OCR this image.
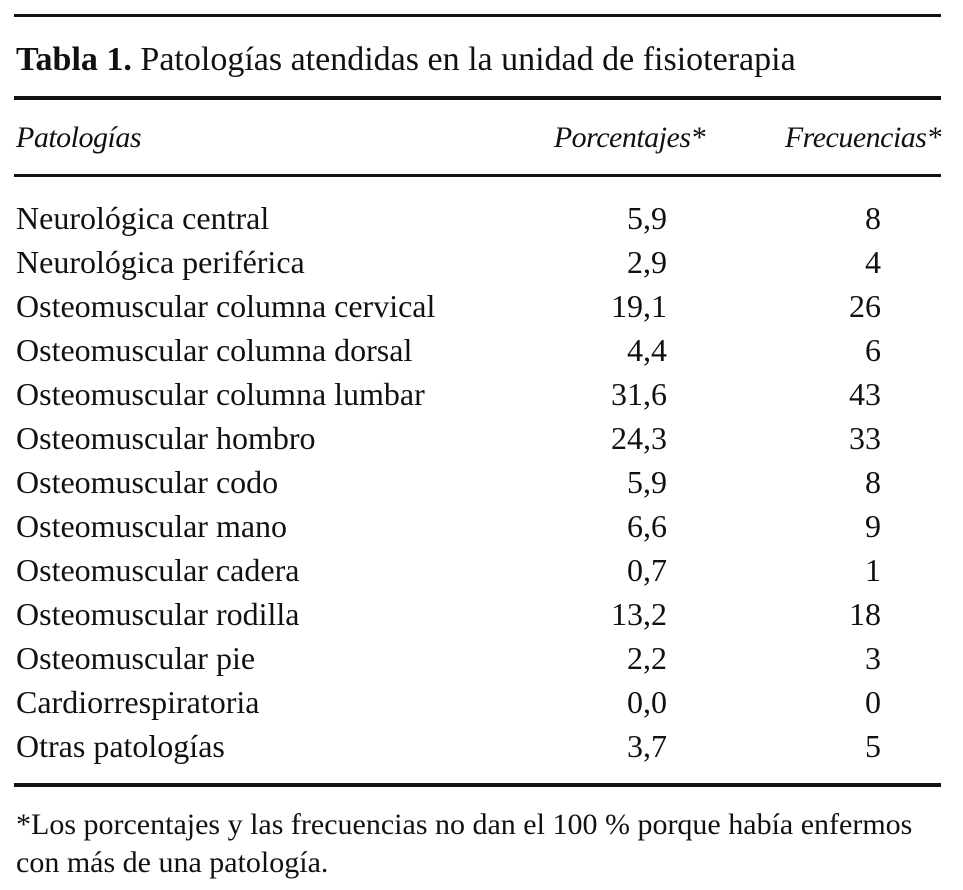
Tabla 1. Patologías atendidas en la unidad de fisioterapia
Patologías	Porcentajes*	Frecuencias*
Neurológica central	5,9	8
Neurológica periférica	2,9	4
Osteomuscular columna cervical	19,1	26
Osteomuscular columna dorsal	4,4	6
Osteomuscular columna lumbar	31,6	43
Osteomuscular hombro	24,3	33
Osteomuscular codo	5,9	8
Osteomuscular mano	6,6	9
Osteomuscular cadera	0,7	1
Osteomuscular rodilla	13,2	18
Osteomuscular pie	2,2	3
Cardiorrespiratoria	0,0	0
Otras patologías	3,7	5
*Los porcentajes y las frecuencias no dan el 100 % porque había enfermos con más de una patología.
